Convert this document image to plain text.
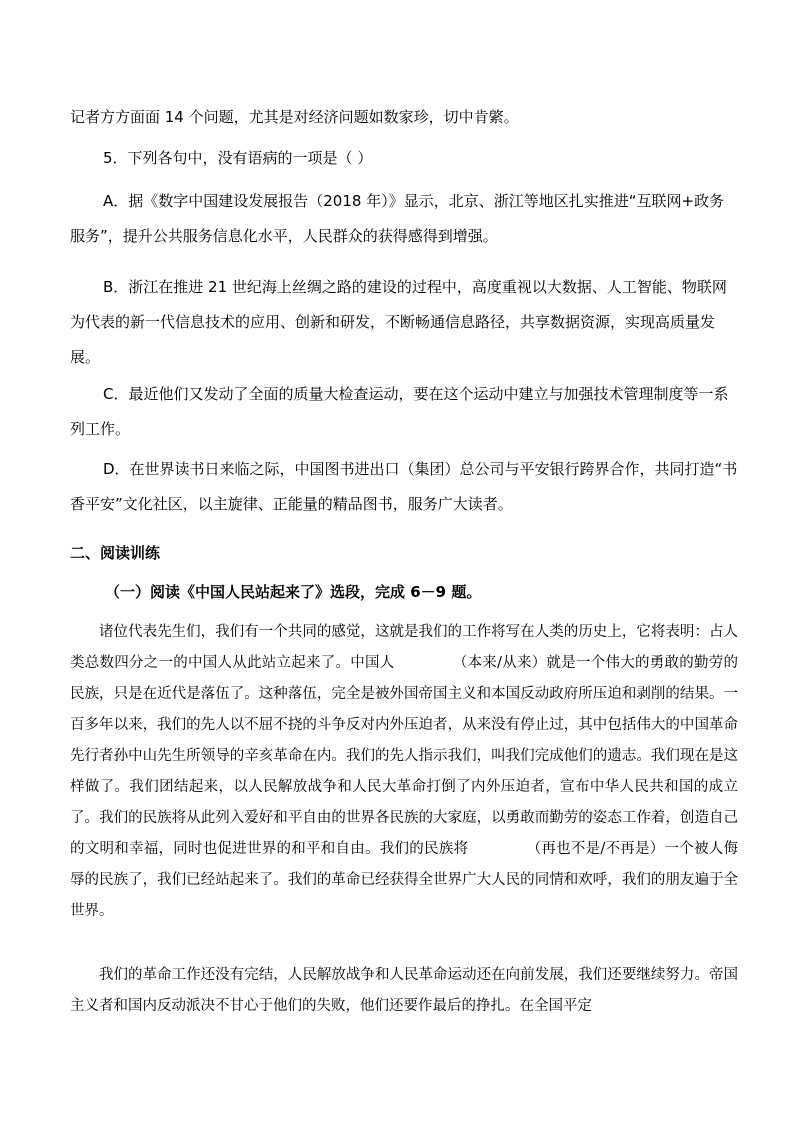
记者方方面面 14 个问题，尤其是对经济问题如数家珍，切中肯綮。

5．下列各句中，没有语病的一项是（ ）

A．据《数字中国建设发展报告（2018 年）》显示，北京、浙江等地区扎实推进“互联网+政务服务”，提升公共服务信息化水平，人民群众的获得感得到增强。

B．浙江在推进 21 世纪海上丝绸之路的建设的过程中，高度重视以大数据、人工智能、物联网为代表的新一代信息技术的应用、创新和研发，不断畅通信息路径，共享数据资源，实现高质量发展。

C．最近他们又发动了全面的质量大检查运动，要在这个运动中建立与加强技术管理制度等一系列工作。

D．在世界读书日来临之际，中国图书进出口（集团）总公司与平安银行跨界合作，共同打造“书香平安”文化社区，以主旋律、正能量的精品图书，服务广大读者。

二、阅读训练
（一）阅读《中国人民站起来了》选段，完成 6－9 题。

诸位代表先生们，我们有一个共同的感觉，这就是我们的工作将写在人类的历史上，它将表明：占人类总数四分之一的中国人从此站立起来了。中国人	（本来/从来）就是一个伟大的勇敢的勤劳的民族，只是在近代是落伍了。这种落伍，完全是被外国帝国主义和本国反动政府所压迫和剥削的结果。一百多年以来，我们的先人以不屈不挠的斗争反对内外压迫者，从来没有停止过，其中包括伟大的中国革命先行者孙中山先生所领导的辛亥革命在内。我们的先人指示我们，叫我们完成他们的遗志。我们现在是这样做了。我们团结起来，以人民解放战争和人民大革命打倒了内外压迫者，宣布中华人民共和国的成立了。我们的民族将从此列入爱好和平自由的世界各民族的大家庭，以勇敢而勤劳的姿态工作着，创造自己的文明和幸福，同时也促进世界的和平和自由。我们的民族将	（再也不是/不再是）一个被人侮辱的民族了，我们已经站起来了。我们的革命已经获得全世界广大人民的同情和欢呼，我们的朋友遍于全世界。

我们的革命工作还没有完结，人民解放战争和人民革命运动还在向前发展，我们还要继续努力。帝国主义者和国内反动派决不甘心于他们的失败，他们还要作最后的挣扎。在全国平定
